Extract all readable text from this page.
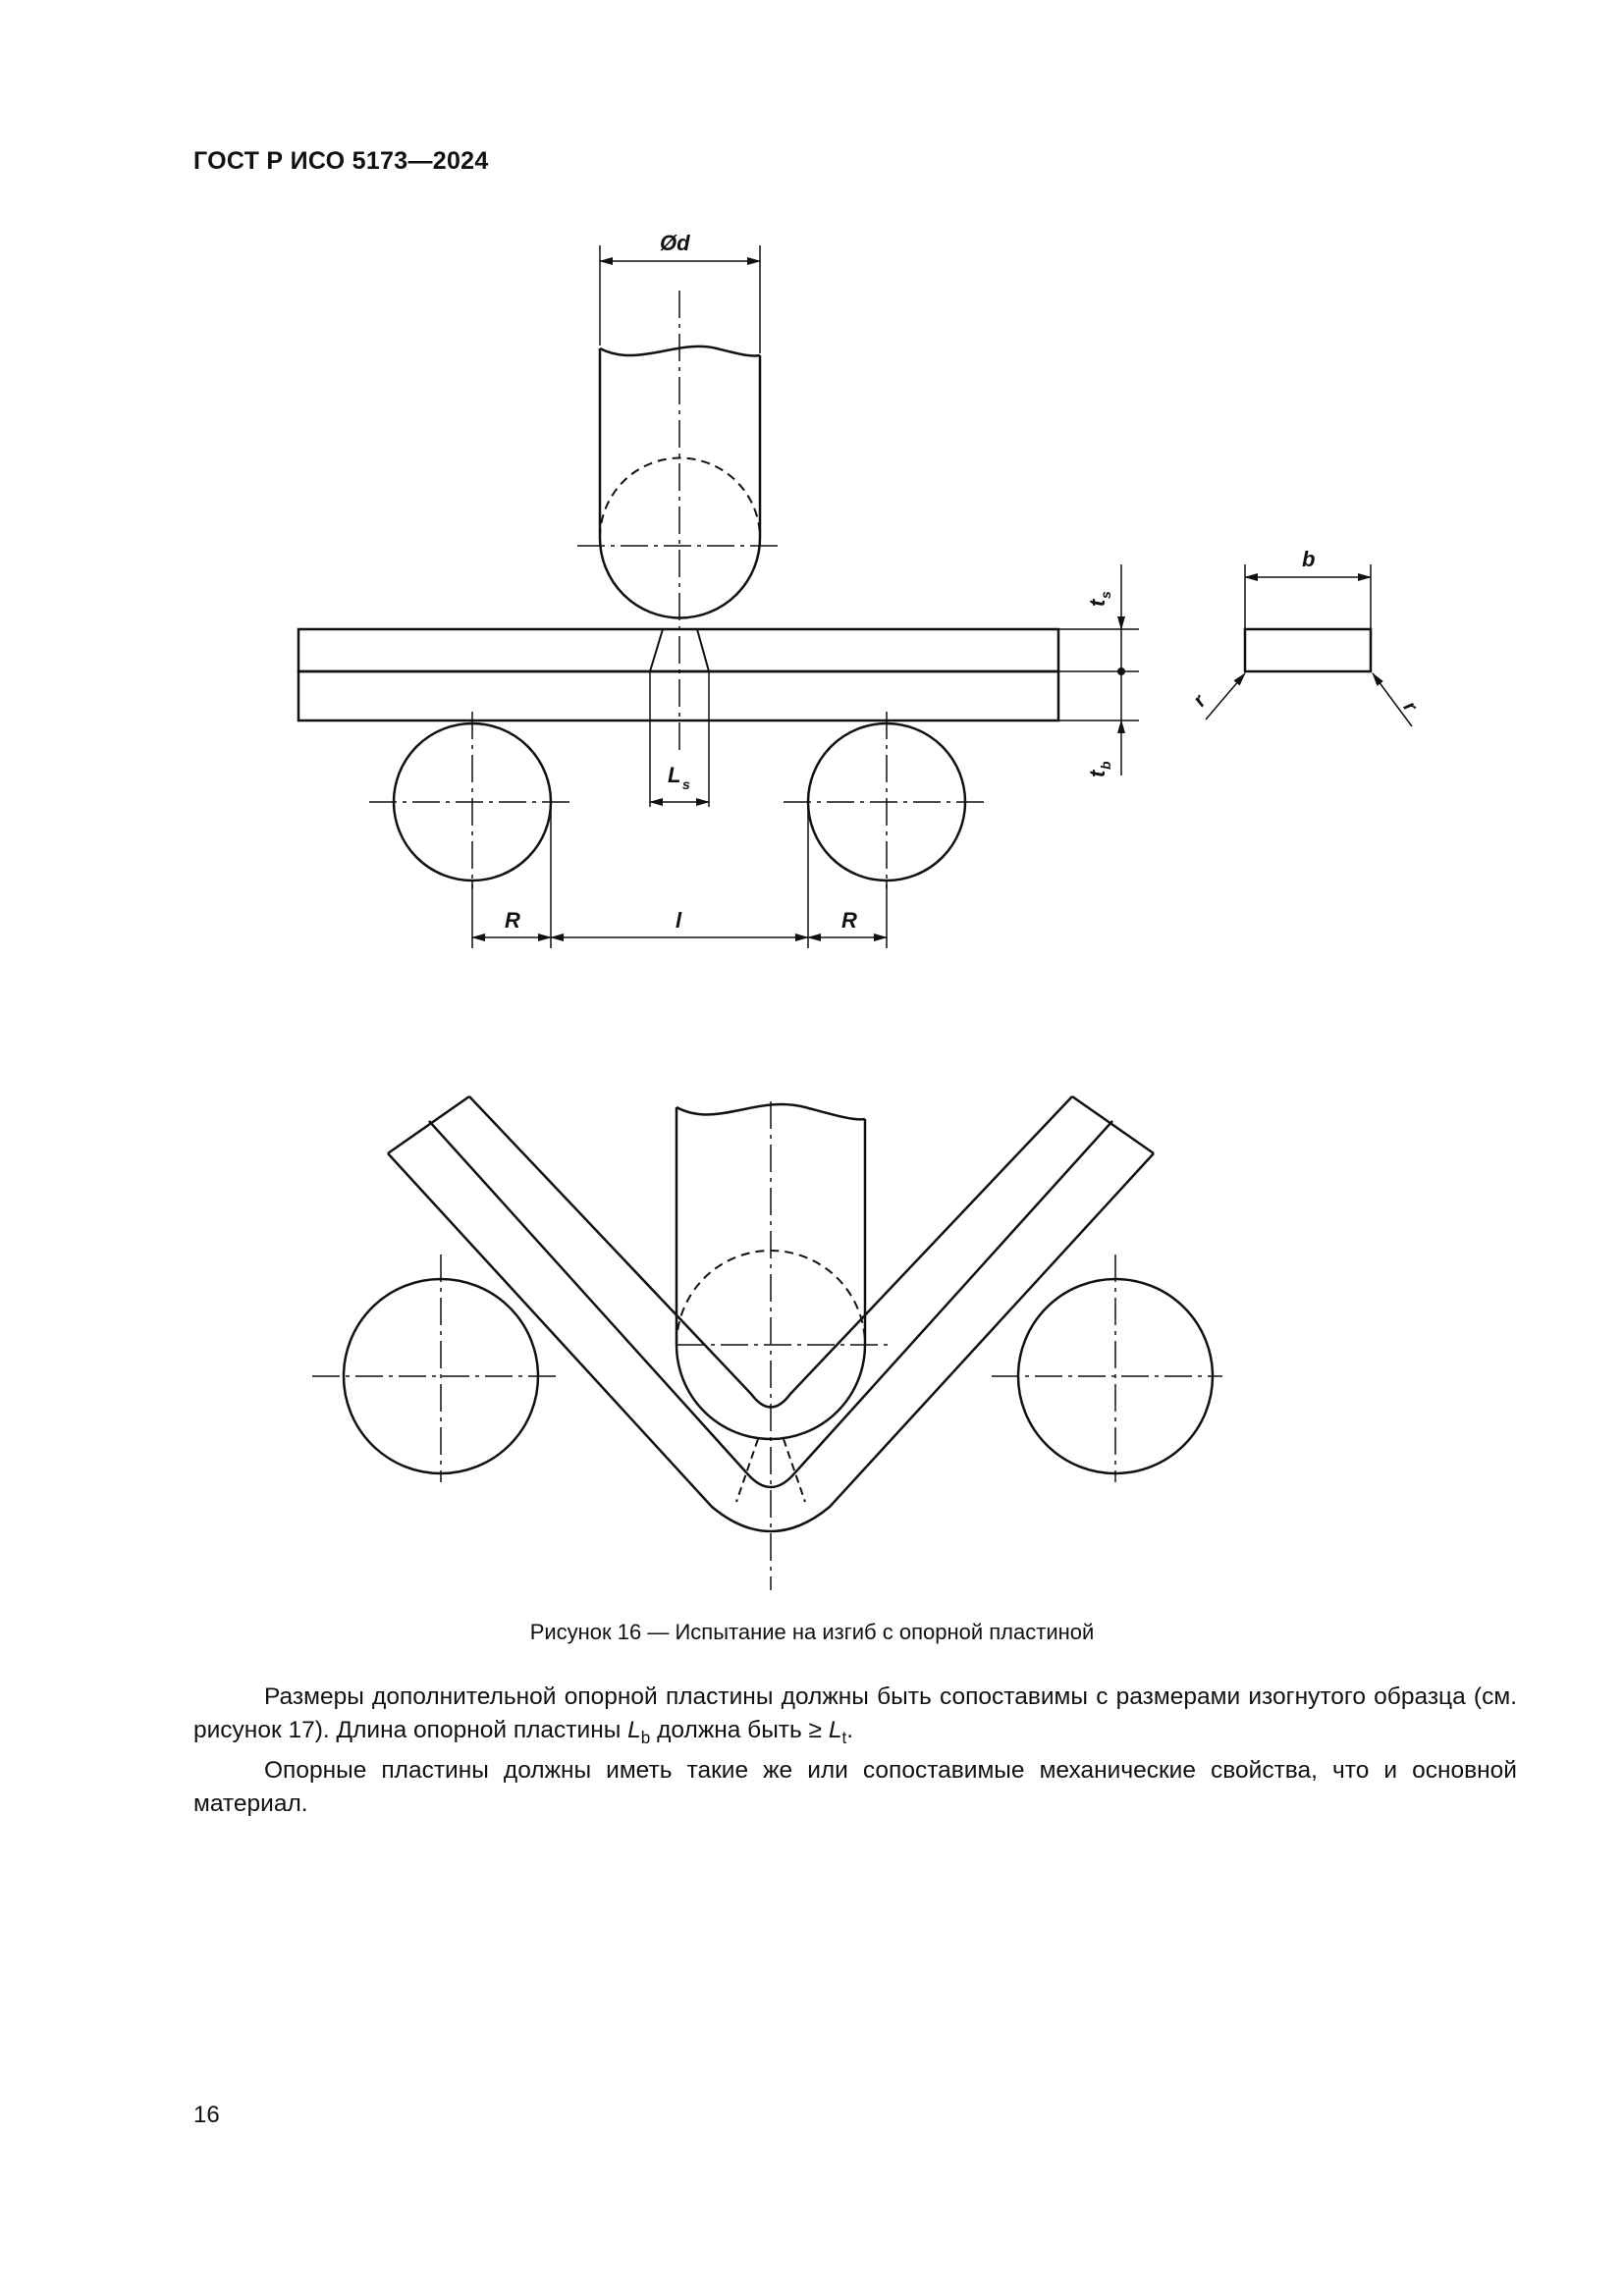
ГОСТ Р ИСО 5173—2024
Ød
b
t
s
t
b
r	r
L s
R	l	R
Рисунок 16 — Испытание на изгиб с опорной пластиной

Размеры дополнительной опорной пластины должны быть сопоставимы с размерами изогнутого образца (см. рисунок 17). Длина опорной пластины $L_b$ должна быть ≥ $L_t$.

Опорные пластины должны иметь такие же или сопоставимые механические свойства, что и основной материал.

16
